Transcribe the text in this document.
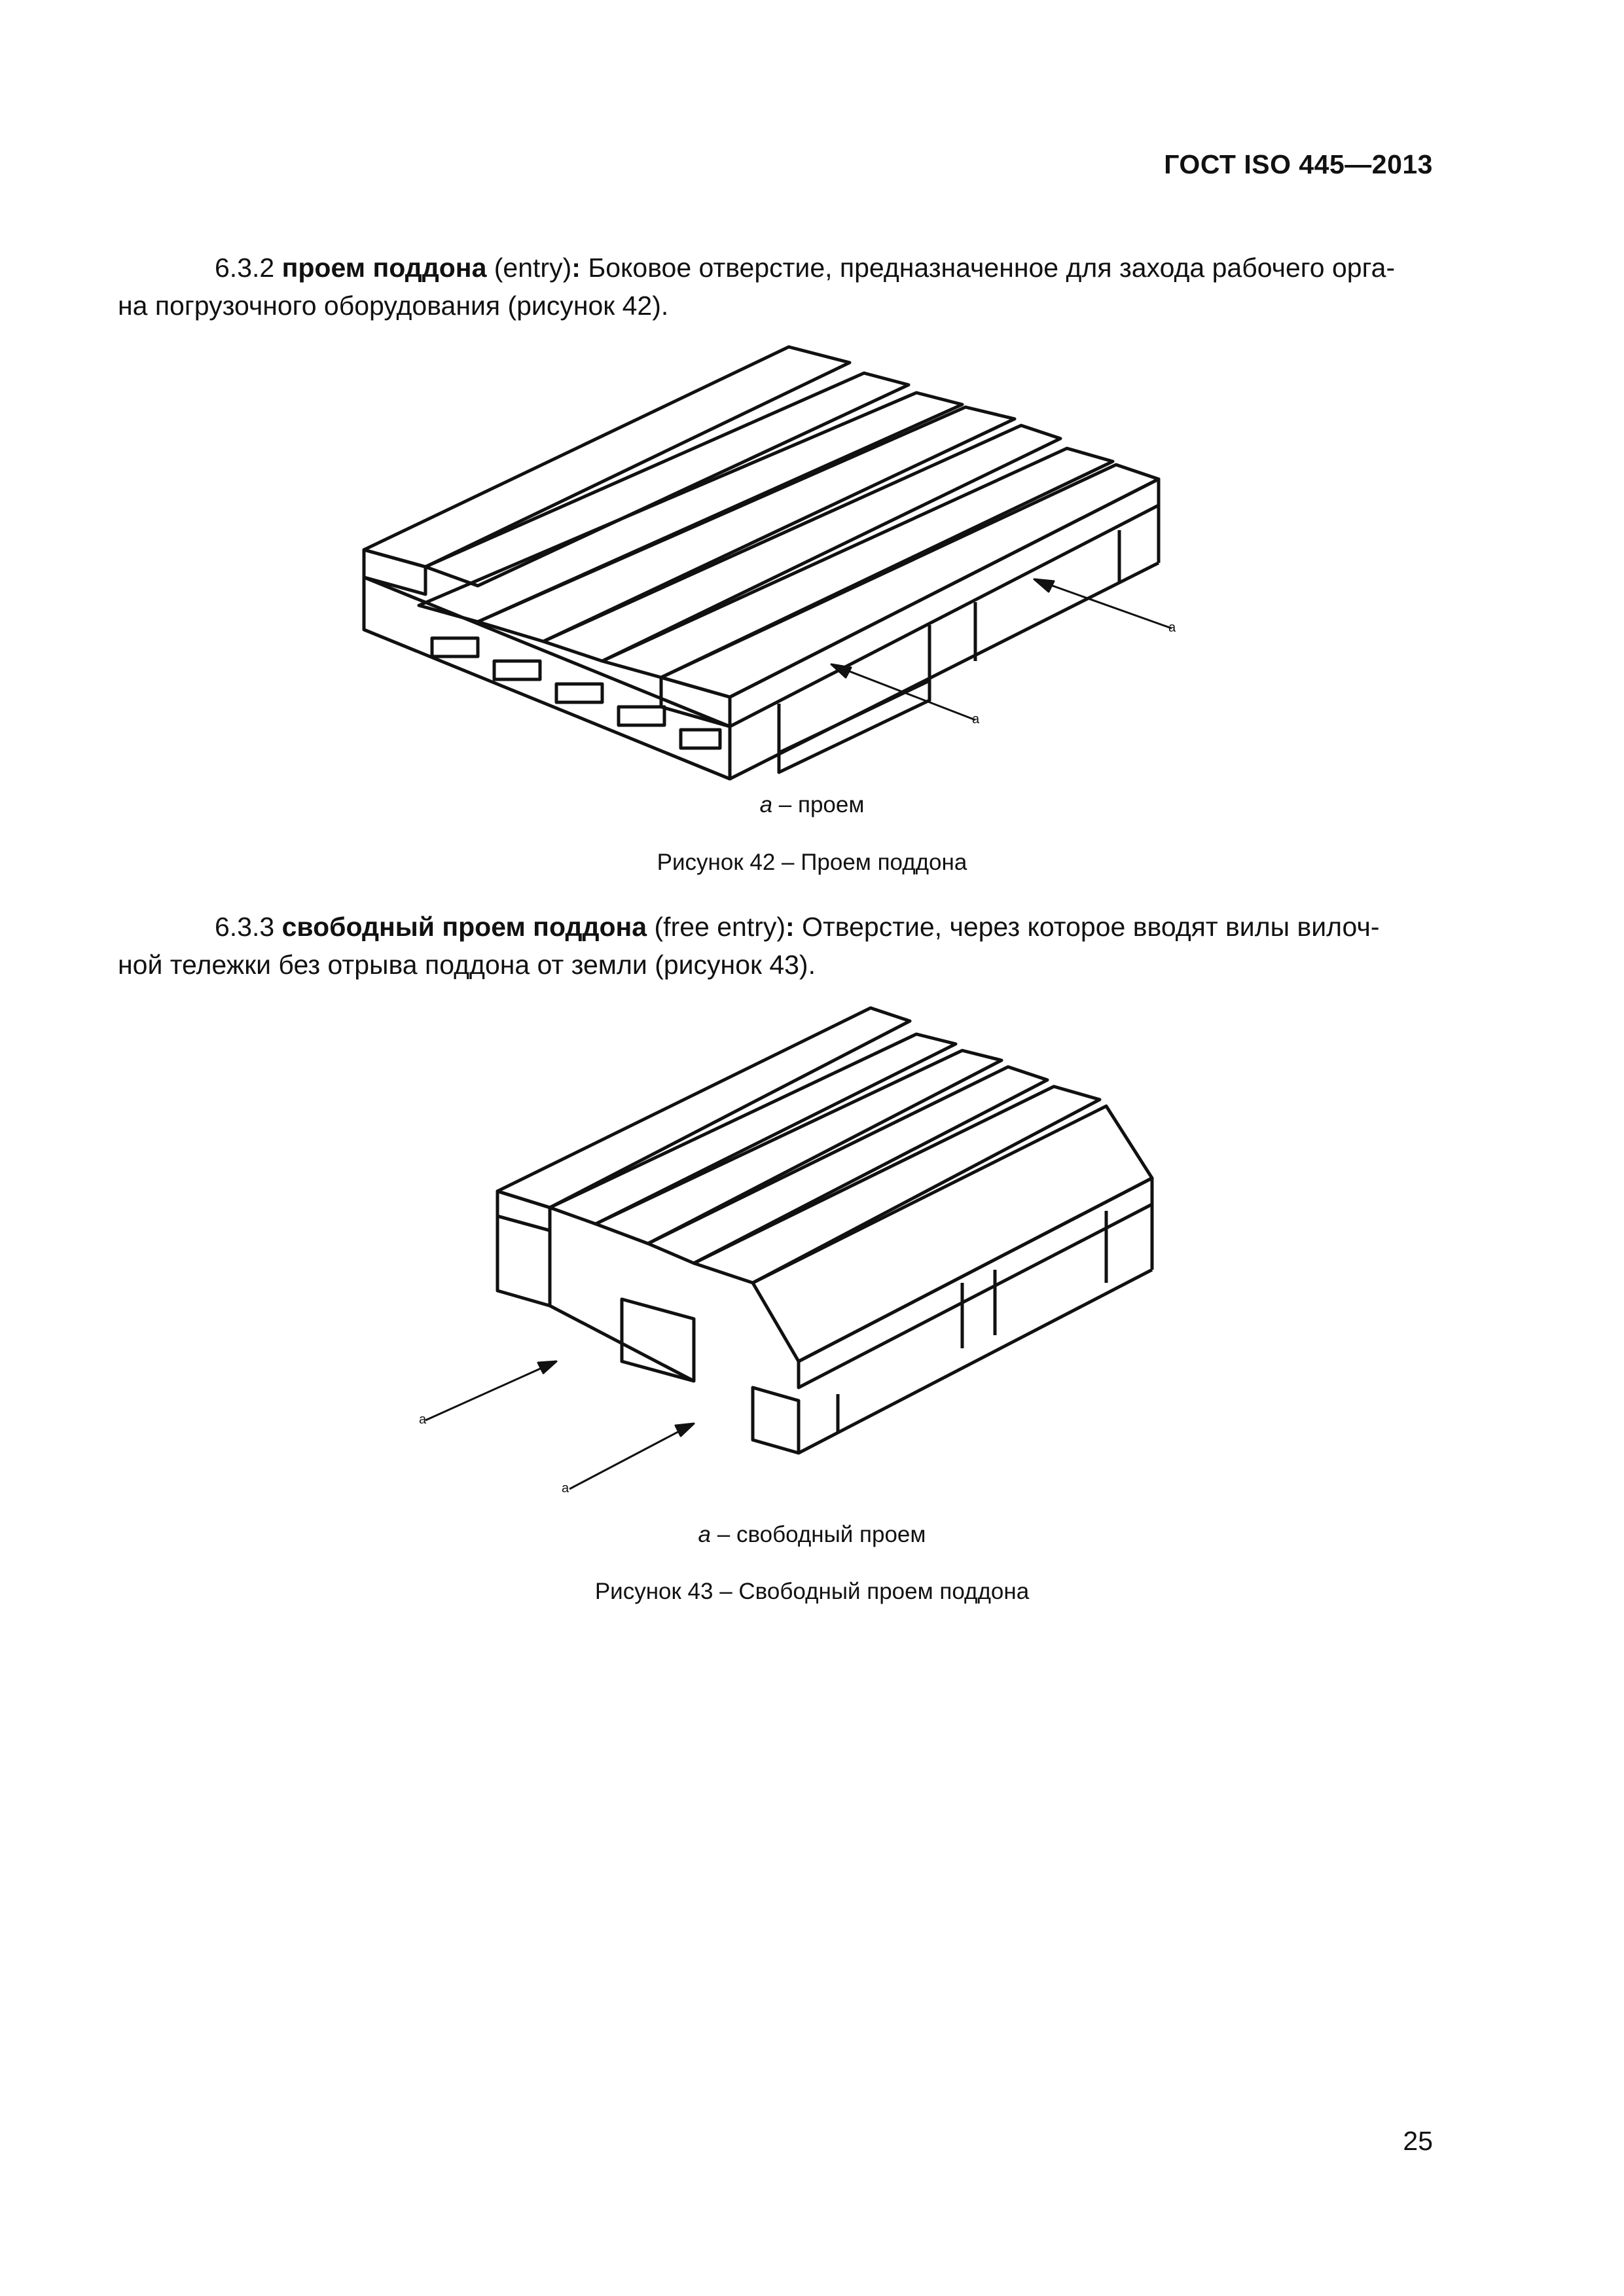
ГОСТ ISO 445—2013
6.3.2 проем поддона (entry): Боковое отверстие, предназначенное для захода рабочего орга-
на погрузочного оборудования (рисунок 42).
a
a
а – проем
Рисунок 42 – Проем поддона
6.3.3 свободный проем поддона (free entry): Отверстие, через которое вводят вилы вилоч-
ной тележки без отрыва поддона от земли (рисунок 43).
a
a
а – свободный проем
Рисунок 43 – Свободный проем поддона
25
